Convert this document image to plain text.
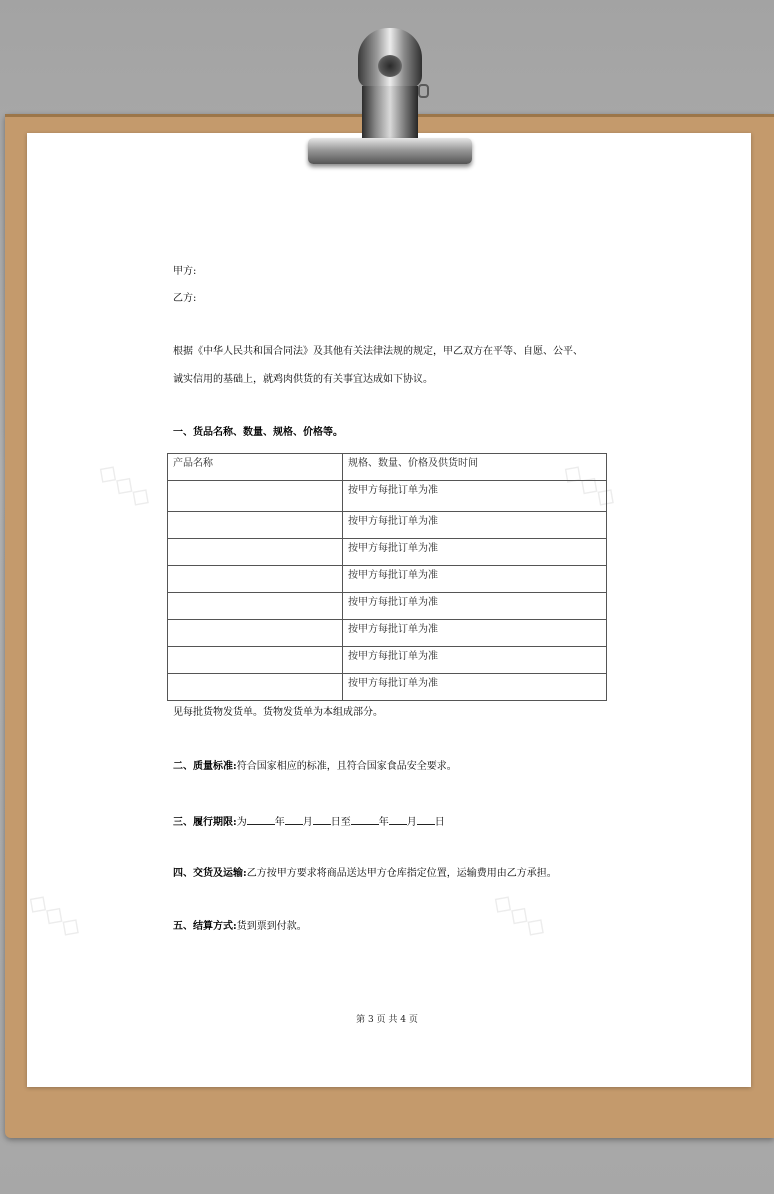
◇◇◇	◇◇◇
◇◇◇	◇◇◇
甲方:
乙方:
根据《中华人民共和国合同法》及其他有关法律法规的规定，甲乙双方在平等、自愿、公平、
诚实信用的基础上，就鸡肉供货的有关事宜达成如下协议。
一、货品名称、数量、规格、价格等。
产品名称	规格、数量、价格及供货时间
	按甲方每批订单为准
	按甲方每批订单为准
	按甲方每批订单为准
	按甲方每批订单为准
	按甲方每批订单为准
	按甲方每批订单为准
	按甲方每批订单为准
	按甲方每批订单为准
见每批货物发货单。货物发货单为本组成部分。
二、质量标准:符合国家相应的标准，且符合国家食品安全要求。
三、履行期限:为	年 月 日至	年 月 日
四、交货及运输:乙方按甲方要求将商品送达甲方仓库指定位置，运输费用由乙方承担。
五、结算方式:货到票到付款。
第 3 页 共 4 页
